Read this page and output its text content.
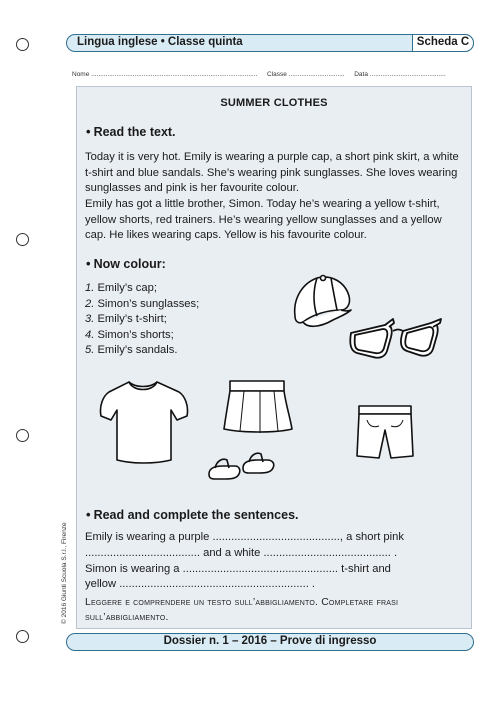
Lingua inglese • Classe quinta	Scheda C
Nome ............................................................................................ Classe ............................... Data ..........................................
SUMMER CLOTHES
• Read the text.
Today it is very hot. Emily is wearing a purple cap, a short pink skirt, a white t-shirt and blue sandals. She’s wearing pink sunglasses. She loves wearing sunglasses and pink is her favourite colour.
Emily has got a little brother, Simon. Today he’s wearing a yellow t-shirt, yellow shorts, red trainers. He’s wearing yellow sunglasses and a yellow cap. He likes wearing caps. Yellow is his favourite colour.
• Now colour:
1. Emily’s cap;
2. Simon’s sunglasses;
3. Emily’s t-shirt;
4. Simon’s shorts;
5. Emily’s sandals.
• Read and complete the sentences.
Emily is wearing a purple ........................................., a short pink
..................................... and a white ......................................... .
Simon is wearing a .................................................. t-shirt and
yellow ............................................................. .
Leggere e comprendere un testo sull’abbigliamento. Completare frasi sull’abbigliamento.
© 2016 Giunti Scuola S.r.l., Firenze
Dossier n. 1 – 2016 – Prove di ingresso
